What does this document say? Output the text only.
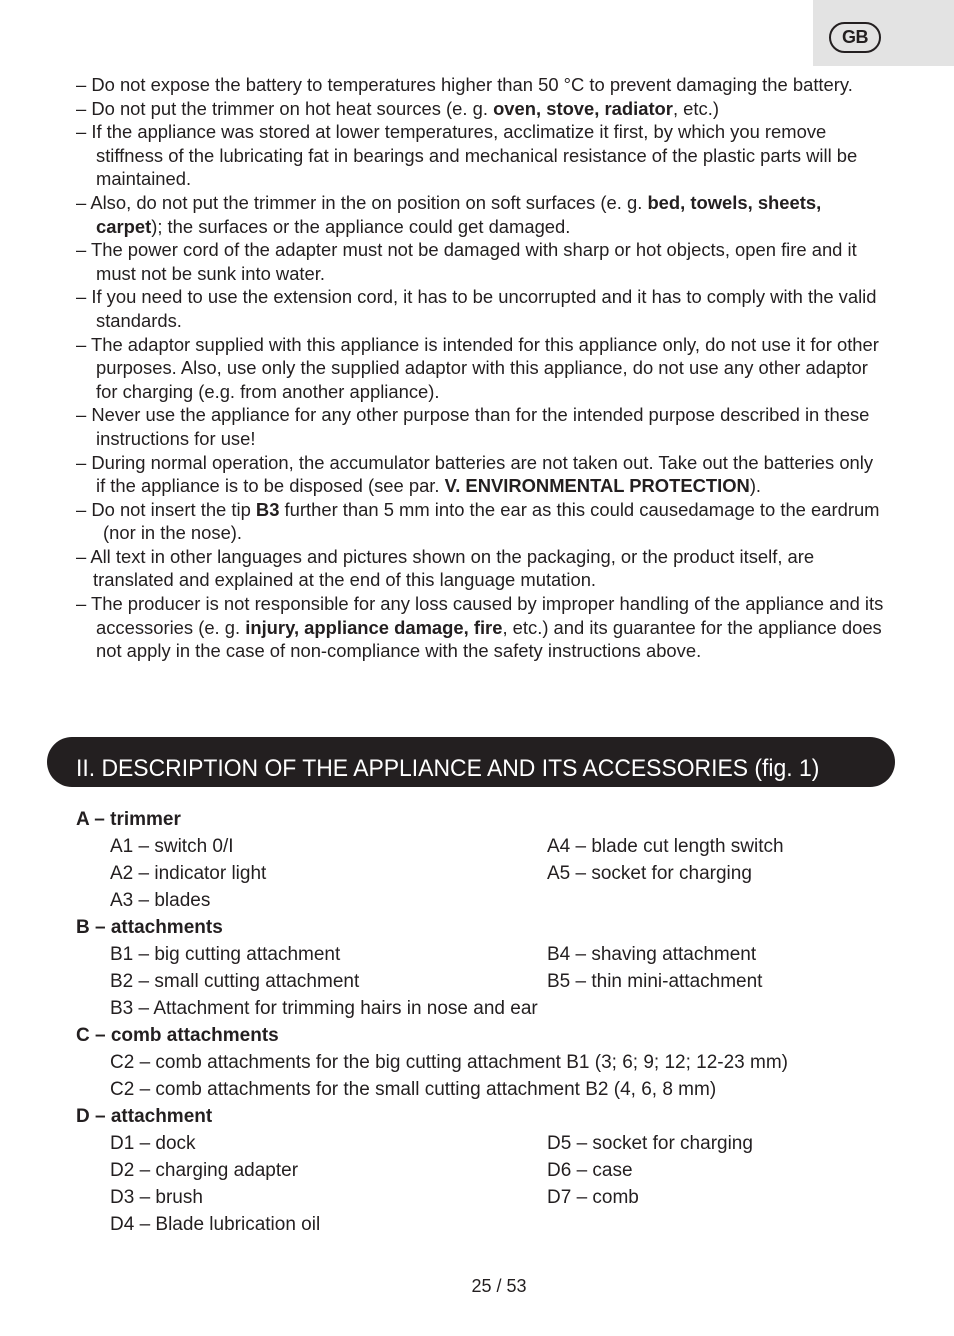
GB
– Do not expose the battery to temperatures higher than 50 °C to prevent damaging the battery.
– Do not put the trimmer on hot heat sources (e. g. oven, stove, radiator, etc.)
– If the appliance was stored at lower temperatures, acclimatize it first, by which you remove stiffness of the lubricating fat in bearings and mechanical resistance of the plastic parts will be maintained.
– Also, do not put the trimmer in the on position on soft surfaces (e. g. bed, towels, sheets, carpet); the surfaces or the appliance could get damaged.
– The power cord of the adapter must not be damaged with sharp or hot objects, open fire and it must not be sunk into water.
– If you need to use the extension cord, it has to be uncorrupted and it has to comply with the valid standards.
– The adaptor supplied with this appliance is intended for this appliance only, do not use it for other purposes. Also, use only the supplied adaptor with this appliance, do not use any other adaptor for charging (e.g. from another appliance).
– Never use the appliance for any other purpose than for the intended purpose described in these instructions for use!
– During normal operation, the accumulator batteries are not taken out. Take out the batteries only if the appliance is to be disposed (see par. V. ENVIRONMENTAL PROTECTION).
– Do not insert the tip B3 further than 5 mm into the ear as this could causedamage to the eardrum (nor in the nose).
– All text in other languages and pictures shown on the packaging, or the product itself, are translated and explained at the end of this language mutation.
– The producer is not responsible for any loss caused by improper handling of the appliance and its accessories (e. g. injury, appliance damage, fire, etc.) and its guarantee for the appliance does not apply in the case of non-compliance with the safety instructions above.
II. DESCRIPTION OF THE APPLIANCE AND ITS ACCESSORIES (fig. 1)
A – trimmer
A1 – switch 0/I	A4 – blade cut length switch
A2 – indicator light	A5 – socket for charging
A3 – blades
B – attachments
B1 – big cutting attachment	B4 – shaving attachment
B2 – small cutting attachment	B5 – thin mini-attachment
B3 – Attachment for trimming hairs in nose and ear
C – comb attachments
C2 – comb attachments for the big cutting attachment B1 (3; 6; 9; 12; 12-23 mm)
C2 – comb attachments for the small cutting attachment B2 (4, 6, 8 mm)
D – attachment
D1 – dock	D5 – socket for charging
D2 – charging adapter	D6 – case
D3 – brush	D7 – comb
D4 – Blade lubrication oil
25 / 53
